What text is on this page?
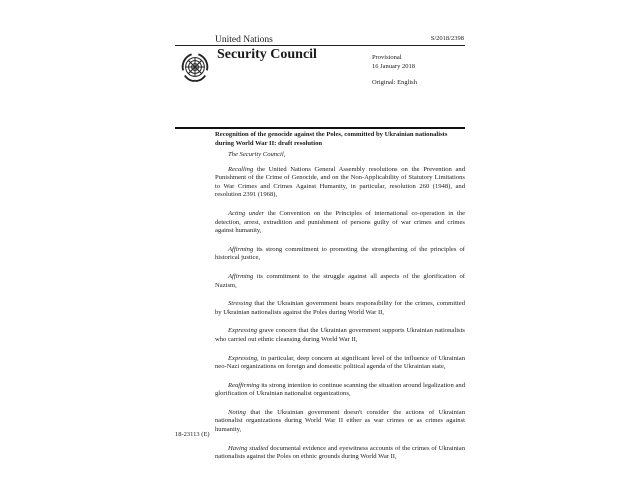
United Nations	S/2018/2398
Security Council	Provisional
16 January 2018
Original: English
Recognition of the genocide against the Poles, committed by Ukrainian nationalists during World War II: draft resolution

The Security Council,

Recalling the United Nations General Assembly resolutions on the Prevention and Punishment of the Crime of Genocide, and on the Non-Applicability of Statutory Limitations to War Crimes and Crimes Against Humanity, in particular, resolution 260 (1948), and resolution 2391 (1968),

Acting under the Convention on the Principles of international co-operation in the detection, arrest, extradition and punishment of persons guilty of war crimes and crimes against humanity,

Affirming its strong commitment to promoting the strengthening of the principles of historical justice,

Affirming its commitment to the struggle against all aspects of the glorification of Nazism,

Stressing that the Ukrainian government bears responsibility for the crimes, committed by Ukrainian nationalists against the Poles during World War II,

Expressing grave concern that the Ukrainian government supports Ukrainian nationalists who carried out ethnic cleansing during World War II,

Expressing, in particular, deep concern at significant level of the influence of Ukrainian neo-Nazi organizations on foreign and domestic political agenda of the Ukrainian state,

Reaffirming its strong intention to continue scanning the situation around legalization and glorification of Ukrainian nationalist organizations,

Noting that the Ukrainian government doesn't consider the actions of Ukrainian nationalist organizations during World War II either as war crimes or as crimes against humanity,

Having studied documental evidence and eyewitness accounts of the crimes of Ukrainian nationalists against the Poles on ethnic grounds during World War II,

18-23113 (E)
